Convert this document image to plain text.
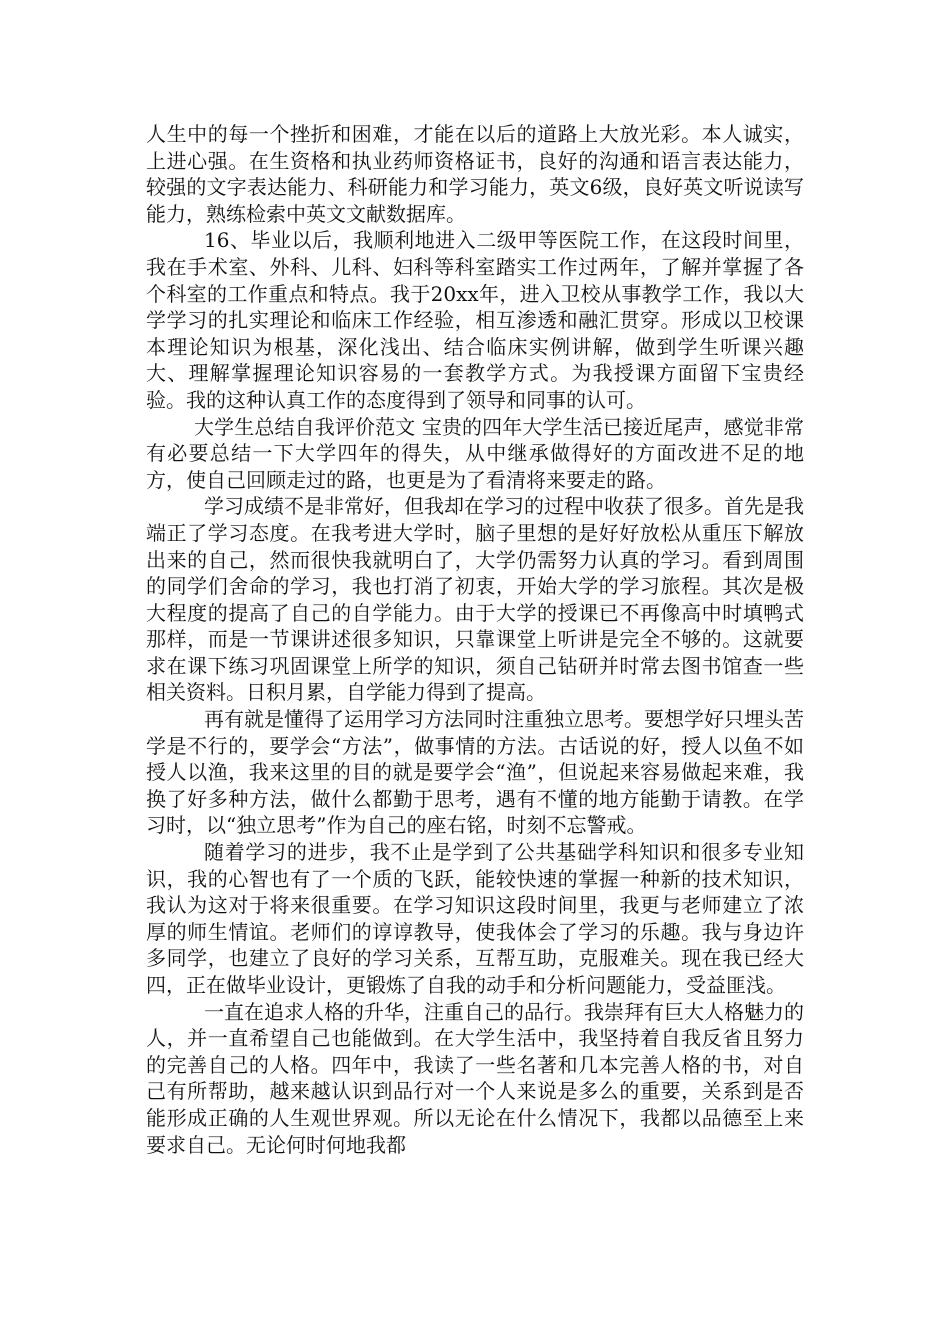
人生中的每一个挫折和困难，才能在以后的道路上大放光彩。本人诚实，上进心强。在生资格和执业药师资格证书，良好的沟通和语言表达能力，较强的文字表达能力、科研能力和学习能力，英文6级，良好英文听说读写能力，熟练检索中英文文献数据库。

16、毕业以后，我顺利地进入二级甲等医院工作，在这段时间里，我在手术室、外科、儿科、妇科等科室踏实工作过两年，了解并掌握了各个科室的工作重点和特点。我于20xx年，进入卫校从事教学工作，我以大学学习的扎实理论和临床工作经验，相互渗透和融汇贯穿。形成以卫校课本理论知识为根基，深化浅出、结合临床实例讲解，做到学生听课兴趣大、理解掌握理论知识容易的一套教学方式。为我授课方面留下宝贵经验。我的这种认真工作的态度得到了领导和同事的认可。

大学生总结自我评价范文 宝贵的四年大学生活已接近尾声，感觉非常有必要总结一下大学四年的得失，从中继承做得好的方面改进不足的地方，使自己回顾走过的路，也更是为了看清将来要走的路。

学习成绩不是非常好，但我却在学习的过程中收获了很多。首先是我端正了学习态度。在我考进大学时，脑子里想的是好好放松从重压下解放出来的自己，然而很快我就明白了，大学仍需努力认真的学习。看到周围的同学们舍命的学习，我也打消了初衷，开始大学的学习旅程。其次是极大程度的提高了自己的自学能力。由于大学的授课已不再像高中时填鸭式那样，而是一节课讲述很多知识，只靠课堂上听讲是完全不够的。这就要求在课下练习巩固课堂上所学的知识，须自己钻研并时常去图书馆查一些相关资料。日积月累，自学能力得到了提高。

再有就是懂得了运用学习方法同时注重独立思考。要想学好只埋头苦学是不行的，要学会“方法”，做事情的方法。古话说的好，授人以鱼不如授人以渔，我来这里的目的就是要学会“渔”，但说起来容易做起来难，我换了好多种方法，做什么都勤于思考，遇有不懂的地方能勤于请教。在学习时，以“独立思考”作为自己的座右铭，时刻不忘警戒。

随着学习的进步，我不止是学到了公共基础学科知识和很多专业知识，我的心智也有了一个质的飞跃，能较快速的掌握一种新的技术知识，我认为这对于将来很重要。在学习知识这段时间里，我更与老师建立了浓厚的师生情谊。老师们的谆谆教导，使我体会了学习的乐趣。我与身边许多同学，也建立了良好的学习关系，互帮互助，克服难关。现在我已经大四，正在做毕业设计，更锻炼了自我的动手和分析问题能力，受益匪浅。

一直在追求人格的升华，注重自己的品行。我崇拜有巨大人格魅力的人，并一直希望自己也能做到。在大学生活中，我坚持着自我反省且努力的完善自己的人格。四年中，我读了一些名著和几本完善人格的书，对自己有所帮助，越来越认识到品行对一个人来说是多么的重要，关系到是否能形成正确的人生观世界观。所以无论在什么情况下，我都以品德至上来要求自己。无论何时何地我都
